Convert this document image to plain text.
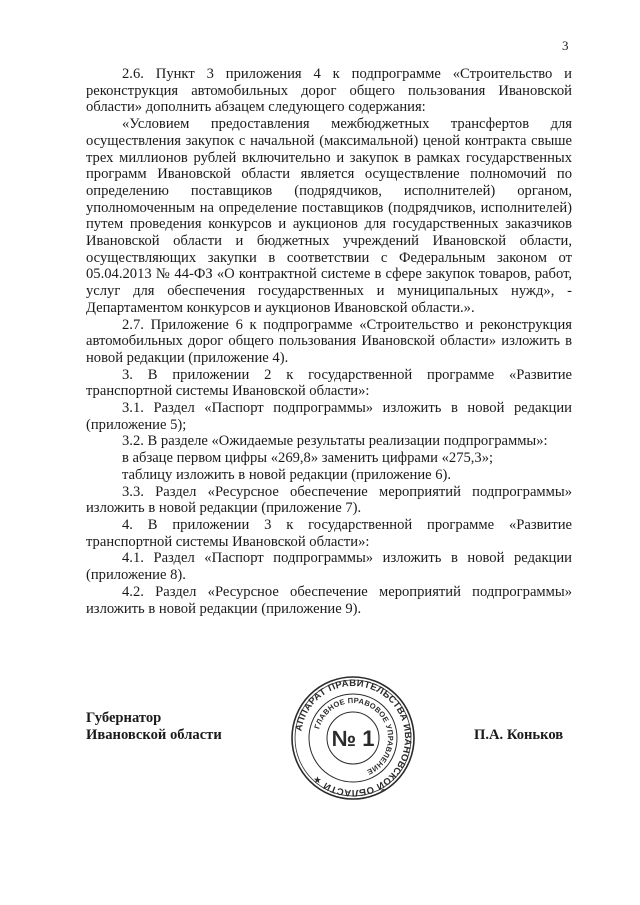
3

2.6. Пункт 3 приложения 4 к подпрограмме «Строительство и реконструкция автомобильных дорог общего пользования Ивановской области» дополнить абзацем следующего содержания:

«Условием предоставления межбюджетных трансфертов для осуществления закупок с начальной (максимальной) ценой контракта свыше трех миллионов рублей включительно и закупок в рамках государственных программ Ивановской области является осуществление полномочий по определению поставщиков (подрядчиков, исполнителей) органом, уполномоченным на определение поставщиков (подрядчиков, исполнителей) путем проведения конкурсов и аукционов для государственных заказчиков Ивановской области и бюджетных учреждений Ивановской области, осуществляющих закупки в соответствии с Федеральным законом от 05.04.2013 № 44-ФЗ «О контрактной системе в сфере закупок товаров, работ, услуг для обеспечения государственных и муниципальных нужд», - Департаментом конкурсов и аукционов Ивановской области.».

2.7. Приложение 6 к подпрограмме «Строительство и реконструкция автомобильных дорог общего пользования Ивановской области» изложить в новой редакции (приложение 4).

3. В приложении 2 к государственной программе «Развитие транспортной системы Ивановской области»:

3.1. Раздел «Паспорт подпрограммы» изложить в новой редакции (приложение 5);

3.2. В разделе «Ожидаемые результаты реализации подпрограммы»:

в абзаце первом цифры «269,8» заменить цифрами «275,3»;

таблицу изложить в новой редакции (приложение 6).

3.3. Раздел «Ресурсное обеспечение мероприятий подпрограммы» изложить в новой редакции (приложение 7).

4. В приложении 3 к государственной программе «Развитие транспортной системы Ивановской области»:

4.1. Раздел «Паспорт подпрограммы» изложить в новой редакции (приложение 8).

4.2. Раздел «Ресурсное обеспечение мероприятий подпрограммы» изложить в новой редакции (приложение 9).

Губернатор
Ивановской области	П.А. Коньков
АППАРАТ ПРАВИТЕЛЬСТВА ИВАНОВСКОЙ ОБЛАСТИ ★
ГЛАВНОЕ ПРАВОВОЕ УПРАВЛЕНИЕ
№ 1
